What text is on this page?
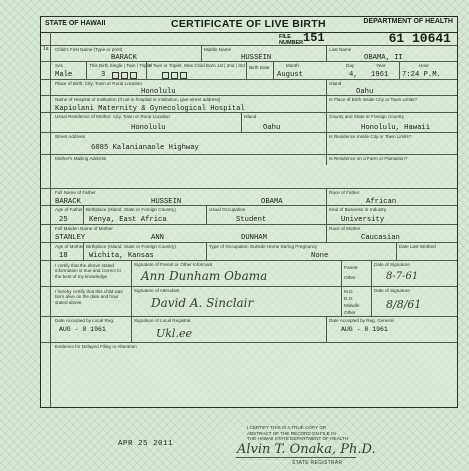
STATE OF HAWAII	CERTIFICATE OF LIVE BIRTH	DEPARTMENT OF HEALTH
FILE
NUMBER 151	61 10641
1a Child's First Name (Type or print)
BARACK
Middle Name
HUSSEIN
Last Name
OBAMA, II
Sex
Male
This Birth Single | Twin | Triplet
3
If Twin or Triplet, Was Child Born 1st | 2nd | 3rd Birth Date	Month
August
Day
4,
Year
1961
Hour
7:24 P.M.
Place of Birth: City, Town or Rural Location
Honolulu
Island
Oahu
Name of Hospital or Institution (If not in hospital or institution, give street address)
Kapiolani Maternity & Gynecological Hospital
Is Place of Birth Inside City or Town Limits?
Usual Residence of Mother: City, Town or Rural Location
Honolulu
Island
Oahu
County and State or Foreign Country
Honolulu, Hawaii
Street Address
6085 Kalanianaole Highway
Is Residence Inside City or Town Limits?
Mother's Mailing Address	Is Residence on a Farm or Plantation?
Full Name of Father
BARACK	HUSSEIN	OBAMA
Race of Father
African
Age of Father
25
Birthplace (Island, State or Foreign Country)
Kenya, East Africa
Usual Occupation
Student
Kind of Business or Industry
University
Full Maiden Name of Mother
STANLEY	ANN	DUNHAM
Race of Mother
Caucasian
Age of Mother
18
Birthplace (Island, State or Foreign Country)
Wichita, Kansas
Type of Occupation Outside Home During Pregnancy
None
Date Last Worked
I certify that the above stated information is true and correct to the best of my knowledge.
Signature of Parent or Other Informant
Ann Dunham Obama
Parent
Other
Date of Signature
8-7-61
I hereby certify that this child was born alive on the date and hour stated above.
Signature of Attendant
David A. Sinclair
M.D.
D.O.
Midwife
Other
Date of Signature
8/8/61
Date Accepted by Local Reg.
AUG - 8 1961
Signature of Local Registrar
Ukl.ee
Date Accepted by Reg. General
AUG - 8 1961
Evidence for Delayed Filing or Alteration
APR 25 2011
I CERTIFY THIS IS A TRUE COPY OR
ABSTRACT OF THE RECORD ON FILE IN
THE HAWAII STATE DEPARTMENT OF HEALTH
Alvin T. Onaka, Ph.D.
STATE REGISTRAR
